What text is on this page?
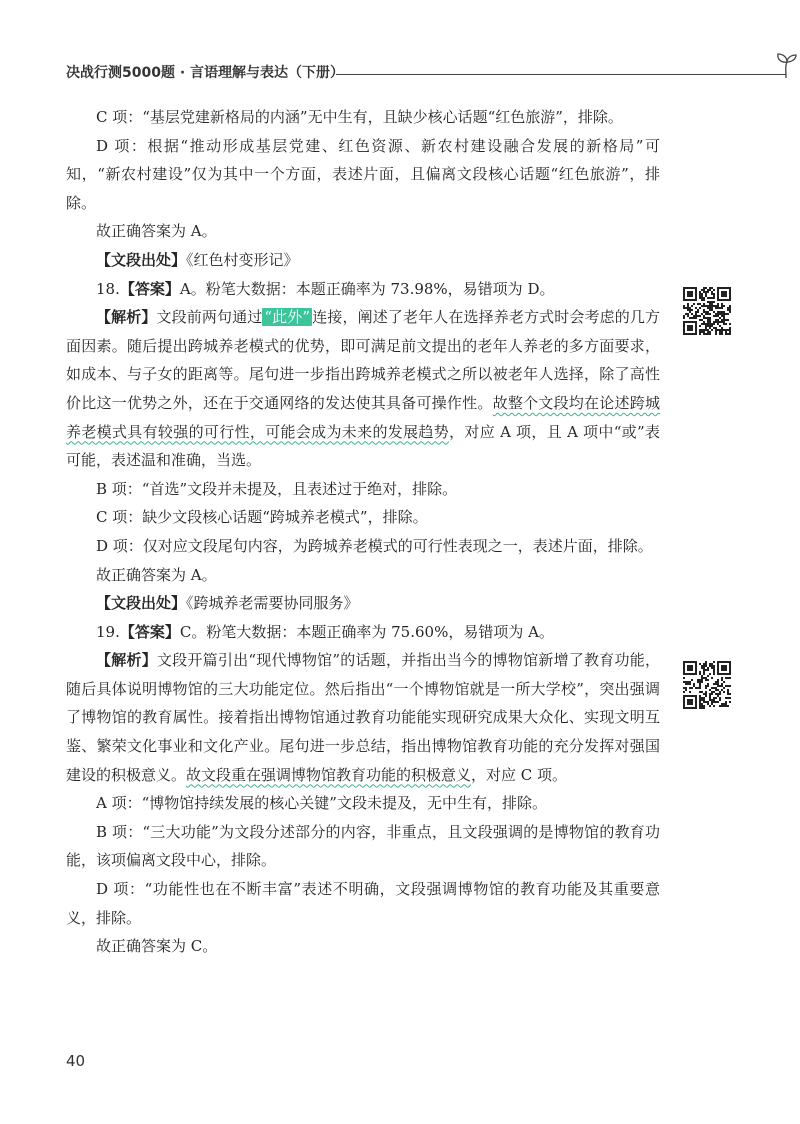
决战行测5000题 · 言语理解与表达（下册）

C 项：“基层党建新格局的内涵”无中生有，且缺少核心话题“红色旅游”，排除。

D 项：根据“推动形成基层党建、红色资源、新农村建设融合发展的新格局”可知，“新农村建设”仅为其中一个方面，表述片面，且偏离文段核心话题“红色旅游”，排除。

故正确答案为 A。

【文段出处】《红色村变形记》

18.【答案】A。粉笔大数据：本题正确率为 73.98%，易错项为 D。

【解析】文段前两句通过 “此外” 连接，阐述了老年人在选择养老方式时会考虑的几方面因素。随后提出跨城养老模式的优势，即可满足前文提出的老年人养老的多方面要求，如成本、与子女的距离等。尾句进一步指出跨城养老模式之所以被老年人选择，除了高性价比这一优势之外，还在于交通网络的发达使其具备可操作性。故整个文段均在论述跨城养老模式具有较强的可行性，可能会成为未来的发展趋势，对应 A 项，且 A 项中“或”表可能，表述温和准确，当选。

B 项：“首选”文段并未提及，且表述过于绝对，排除。

C 项：缺少文段核心话题“跨城养老模式”，排除。

D 项：仅对应文段尾句内容，为跨城养老模式的可行性表现之一，表述片面，排除。

故正确答案为 A。

【文段出处】《跨城养老需要协同服务》

19.【答案】C。粉笔大数据：本题正确率为 75.60%，易错项为 A。

【解析】文段开篇引出“现代博物馆”的话题，并指出当今的博物馆新增了教育功能，随后具体说明博物馆的三大功能定位。然后指出“一个博物馆就是一所大学校”，突出强调了博物馆的教育属性。接着指出博物馆通过教育功能能实现研究成果大众化、实现文明互鉴、繁荣文化事业和文化产业。尾句进一步总结，指出博物馆教育功能的充分发挥对强国建设的积极意义。故文段重在强调博物馆教育功能的积极意义，对应 C 项。

A 项：“博物馆持续发展的核心关键”文段未提及，无中生有，排除。

B 项：“三大功能”为文段分述部分的内容，非重点，且文段强调的是博物馆的教育功能，该项偏离文段中心，排除。

D 项：“功能性也在不断丰富”表述不明确，文段强调博物馆的教育功能及其重要意义，排除。

故正确答案为 C。

40
